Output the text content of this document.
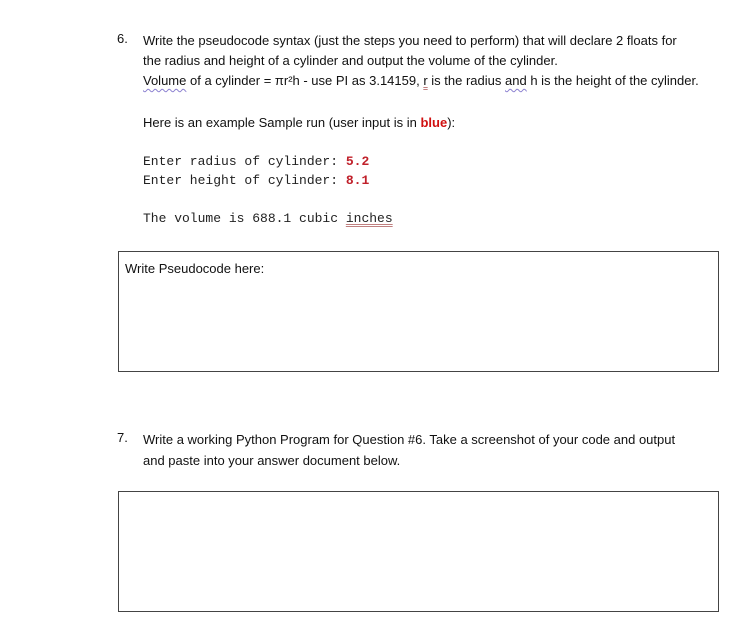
6. Write the pseudocode syntax (just the steps you need to perform) that will declare 2 floats for
the radius and height of a cylinder and output the volume of the cylinder.
Volume of a cylinder = πr²h - use PI as 3.14159, r is the radius and h is the height of the cylinder.
Here is an example Sample run (user input is in blue):
Enter radius of cylinder: 5.2
Enter height of cylinder: 8.1
The volume is 688.1 cubic inches
Write Pseudocode here:
7. Write a working Python Program for Question #6. Take a screenshot of your code and output
and paste into your answer document below.
